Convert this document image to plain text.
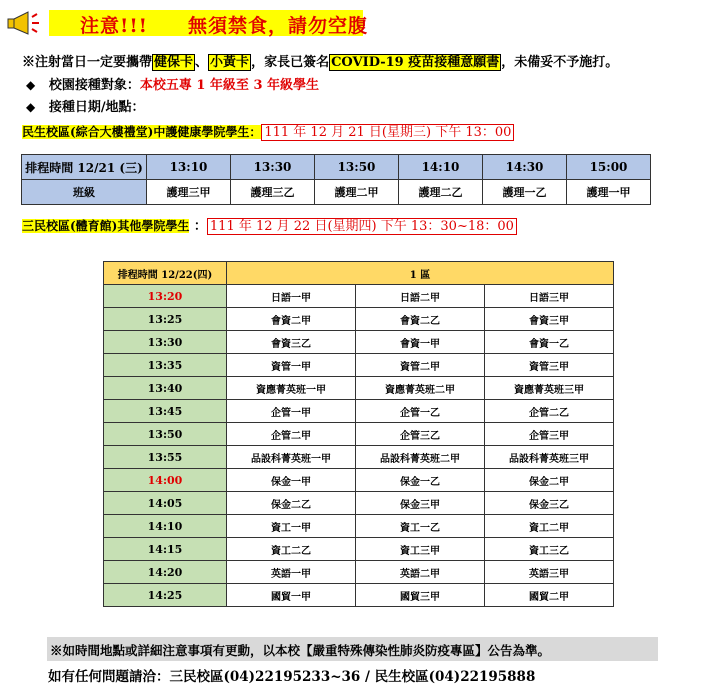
注意!!!　　無須禁食，請勿空腹
※注射當日一定要攜帶 健保卡 、 小黃卡 ，家長已簽名 COVID-19 疫苗接種意願書 ，未備妥不予施打。
◆ 校園接種對象：本校五專 1 年級至 3 年級學生
◆ 接種日期/地點：
民生校區(綜合大樓禮堂)中護健康學院學生： 111 年 12 月 21 日(星期三) 下午 13：00
排程時間 12/21 (三)	13:10	13:30	13:50	14:10	14:30	15:00
班級	護理三甲	護理三乙	護理二甲	護理二乙	護理一乙	護理一甲
三民校區(體育館)其他學院學生 ： 111 年 12 月 22 日(星期四) 下午 13：30~18：00
排程時間 12/22(四)	1 區		
13:20	日語一甲	日語二甲	日語三甲
13:25	會資二甲	會資二乙	會資三甲
13:30	會資三乙	會資一甲	會資一乙
13:35	資管一甲	資管二甲	資管三甲
13:40	資應菁英班一甲	資應菁英班二甲	資應菁英班三甲
13:45	企管一甲	企管一乙	企管二乙
13:50	企管二甲	企管三乙	企管三甲
13:55	品設科菁英班一甲	品設科菁英班二甲	品設科菁英班三甲
14:00	保金一甲	保金一乙	保金二甲
14:05	保金二乙	保金三甲	保金三乙
14:10	資工一甲	資工一乙	資工二甲
14:15	資工二乙	資工三甲	資工三乙
14:20	英語一甲	英語二甲	英語三甲
14:25	國貿一甲	國貿三甲	國貿二甲
※如時間地點或詳細注意事項有更動，以本校【嚴重特殊傳染性肺炎防疫專區】公告為準。
如有任何問題請洽：三民校區(04)22195233~36 / 民生校區(04)22195888
